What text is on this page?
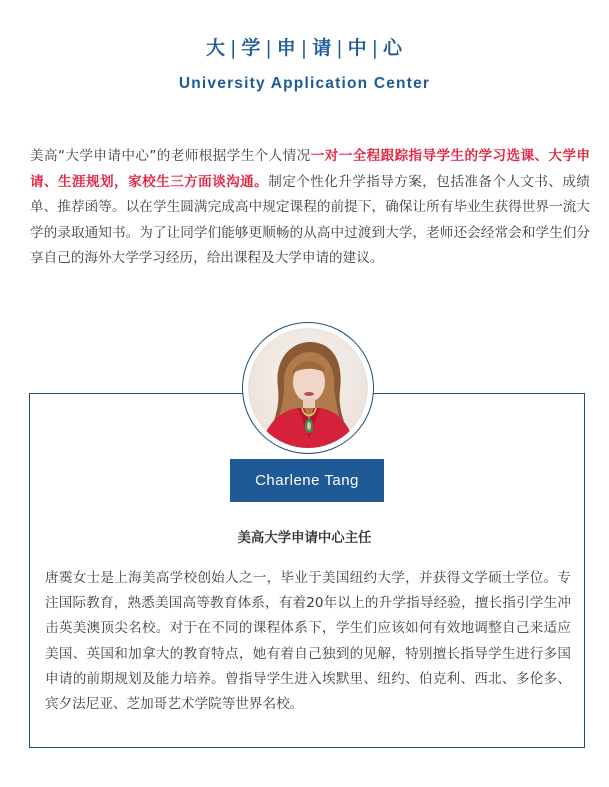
大 | 学 | 申 | 请 | 中 | 心
University Application Center
美高“大学申请中心”的老师根据学生个人情况一对一全程跟踪指导学生的学习选课、大学申请、生涯规划，家校生三方面谈沟通。制定个性化升学指导方案，包括准备个人文书、成绩单、推荐函等。以在学生圆满完成高中规定课程的前提下，确保让所有毕业生获得世界一流大学的录取通知书。为了让同学们能够更顺畅的从高中过渡到大学，老师还会经常会和学生们分享自己的海外大学学习经历，给出课程及大学申请的建议。
Charlene Tang
美高大学申请中心主任
唐霙女士是上海美高学校创始人之一，毕业于美国纽约大学，并获得文学硕士学位。专注国际教育，熟悉美国高等教育体系，有着20年以上的升学指导经验，擅长指引学生冲击英美澳顶尖名校。对于在不同的课程体系下，学生们应该如何有效地调整自己来适应美国、英国和加拿大的教育特点，她有着自己独到的见解，特别擅长指导学生进行多国申请的前期规划及能力培养。曾指导学生进入埃默里、纽约、伯克利、西北、多伦多、宾夕法尼亚、芝加哥艺术学院等世界名校。
